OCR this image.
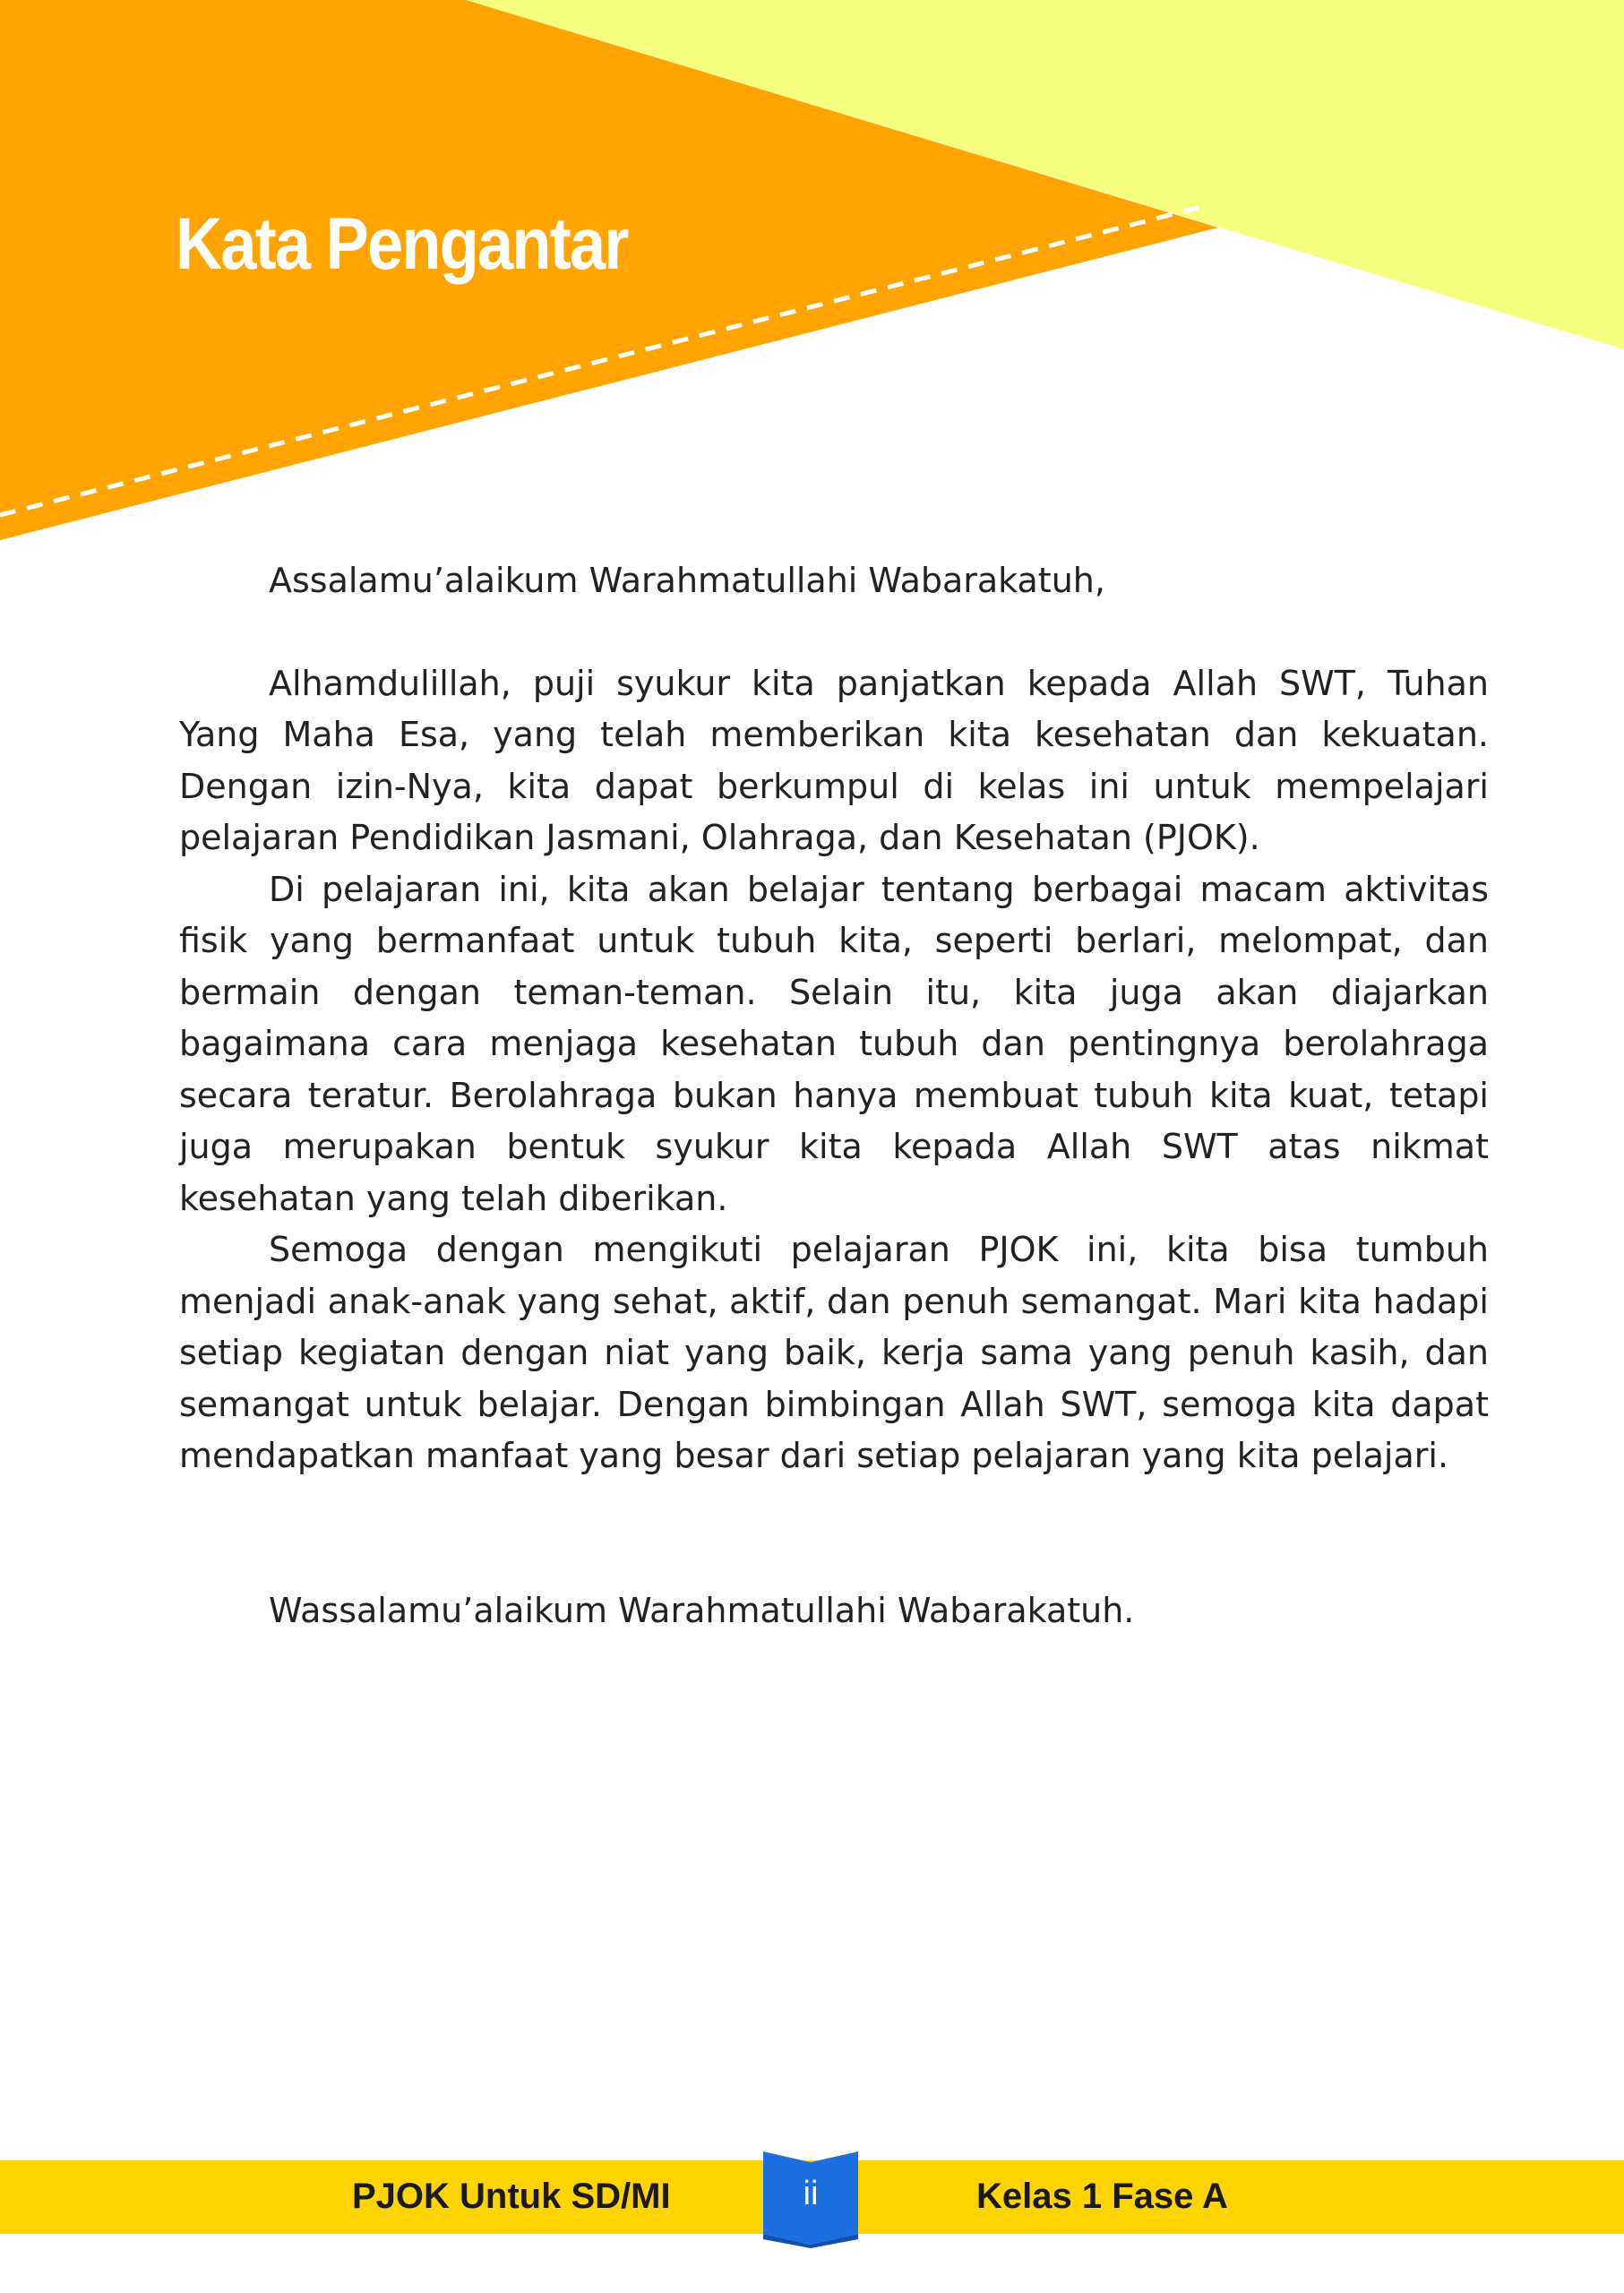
Kata Pengantar

Assalamu’alaikum Warahmatullahi Wabarakatuh,

Alhamdulillah, puji syukur kita panjatkan kepada Allah SWT, Tuhan Yang Maha Esa, yang telah memberikan kita kesehatan dan kekuatan. Dengan izin-Nya, kita dapat berkumpul di kelas ini untuk mempelajari pelajaran Pendidikan Jasmani, Olahraga, dan Kesehatan (PJOK).

Di pelajaran ini, kita akan belajar tentang berbagai macam aktivitas fisik yang bermanfaat untuk tubuh kita, seperti berlari, melompat, dan bermain dengan teman-teman. Selain itu, kita juga akan diajarkan bagaimana cara menjaga kesehatan tubuh dan pentingnya berolahraga secara teratur. Berolahraga bukan hanya membuat tubuh kita kuat, tetapi juga merupakan bentuk syukur kita kepada Allah SWT atas nikmat kesehatan yang telah diberikan.

Semoga dengan mengikuti pelajaran PJOK ini, kita bisa tumbuh menjadi anak-anak yang sehat, aktif, dan penuh semangat. Mari kita hadapi setiap kegiatan dengan niat yang baik, kerja sama yang penuh kasih, dan semangat untuk belajar. Dengan bimbingan Allah SWT, semoga kita dapat mendapatkan manfaat yang besar dari setiap pelajaran yang kita pelajari.

Wassalamu’alaikum Warahmatullahi Wabarakatuh.

PJOK Untuk SD/MI	ii	Kelas 1 Fase A
